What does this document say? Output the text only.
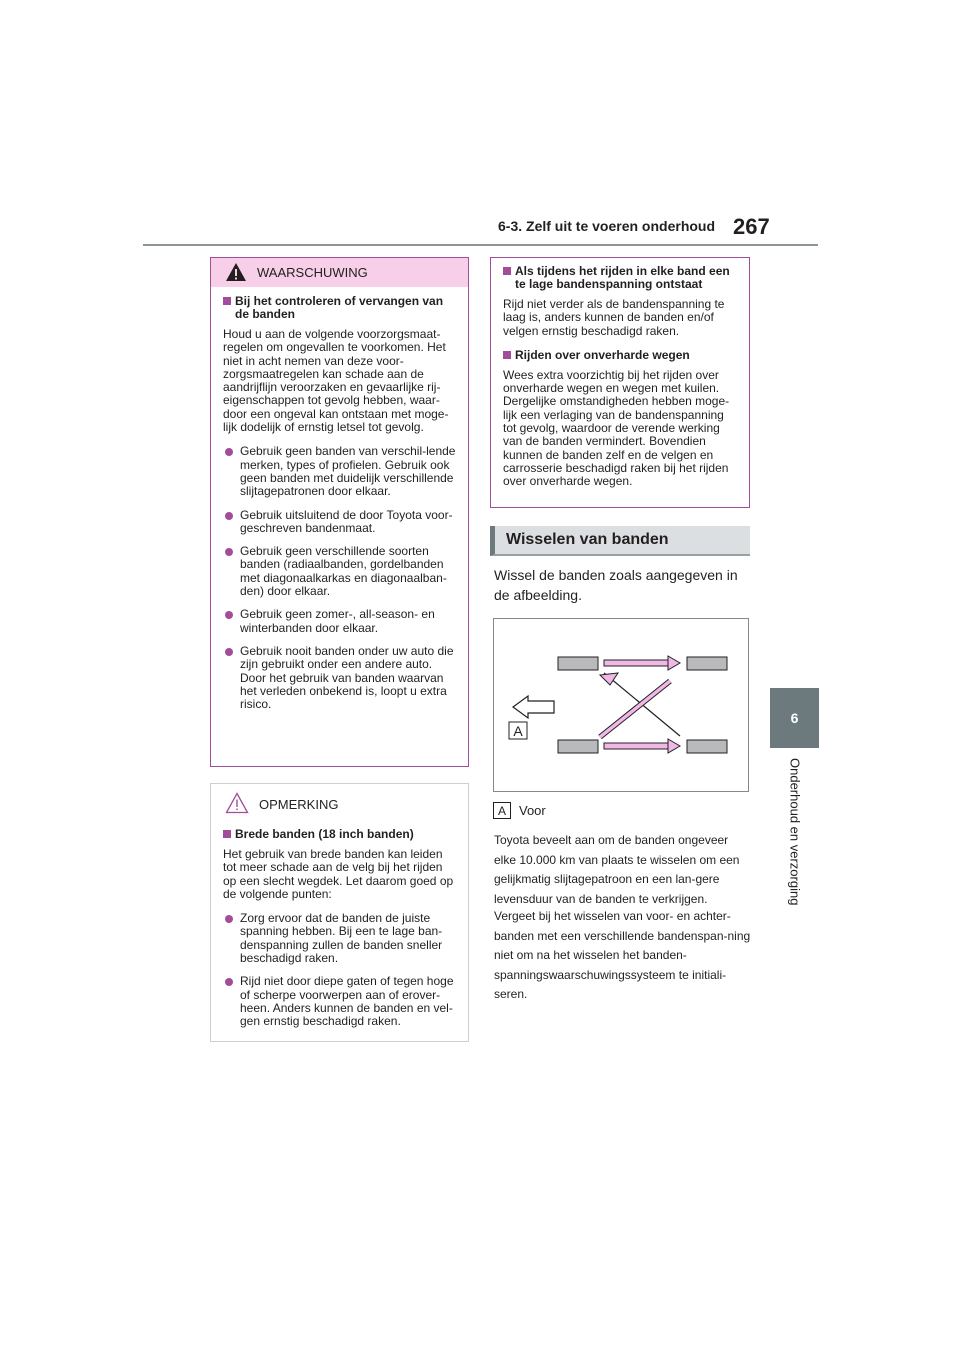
6-3. Zelf uit te voeren onderhoud 267
6
Onderhoud en verzorging
WAARSCHUWING

Bij het controleren of vervangen van de banden

Houd u aan de volgende voorzorgsmaat-regelen om ongevallen te voorkomen. Het niet in acht nemen van deze voor-zorgsmaatregelen kan schade aan de aandrijflijn veroorzaken en gevaarlijke rij-eigenschappen tot gevolg hebben, waar-door een ongeval kan ontstaan met moge-lijk dodelijk of ernstig letsel tot gevolg.

Gebruik geen banden van verschil-lende merken, types of profielen. Gebruik ook geen banden met duidelijk verschillende slijtagepatronen door elkaar.

Gebruik uitsluitend de door Toyota voor-geschreven bandenmaat.

Gebruik geen verschillende soorten banden (radiaalbanden, gordelbanden met diagonaalkarkas en diagonaalban-den) door elkaar.

Gebruik geen zomer-, all-season- en winterbanden door elkaar.

Gebruik nooit banden onder uw auto die zijn gebruikt onder een andere auto. Door het gebruik van banden waarvan het verleden onbekend is, loopt u extra risico.

OPMERKING

Brede banden (18 inch banden)

Het gebruik van brede banden kan leiden tot meer schade aan de velg bij het rijden op een slecht wegdek. Let daarom goed op de volgende punten:

Zorg ervoor dat de banden de juiste spanning hebben. Bij een te lage ban-denspanning zullen de banden sneller beschadigd raken.

Rijd niet door diepe gaten of tegen hoge of scherpe voorwerpen aan of erover-heen. Anders kunnen de banden en vel-gen ernstig beschadigd raken.

Als tijdens het rijden in elke band een te lage bandenspanning ontstaat

Rijd niet verder als de bandenspanning te laag is, anders kunnen de banden en/of velgen ernstig beschadigd raken.

Rijden over onverharde wegen

Wees extra voorzichtig bij het rijden over onverharde wegen en wegen met kuilen. Dergelijke omstandigheden hebben moge-lijk een verlaging van de bandenspanning tot gevolg, waardoor de verende werking van de banden vermindert. Bovendien kunnen de banden zelf en de velgen en carrosserie beschadigd raken bij het rijden over onverharde wegen.

Wisselen van banden
Wissel de banden zoals aangegeven in de afbeelding.
A
A	Voor

Toyota beveelt aan om de banden ongeveer elke 10.000 km van plaats te wisselen om een gelijkmatig slijtagepatroon en een lan-gere levensduur van de banden te verkrijgen.

Vergeet bij het wisselen van voor- en achter-banden met een verschillende bandenspan-ning niet om na het wisselen het banden-spanningswaarschuwingssysteem te initiali-seren.
